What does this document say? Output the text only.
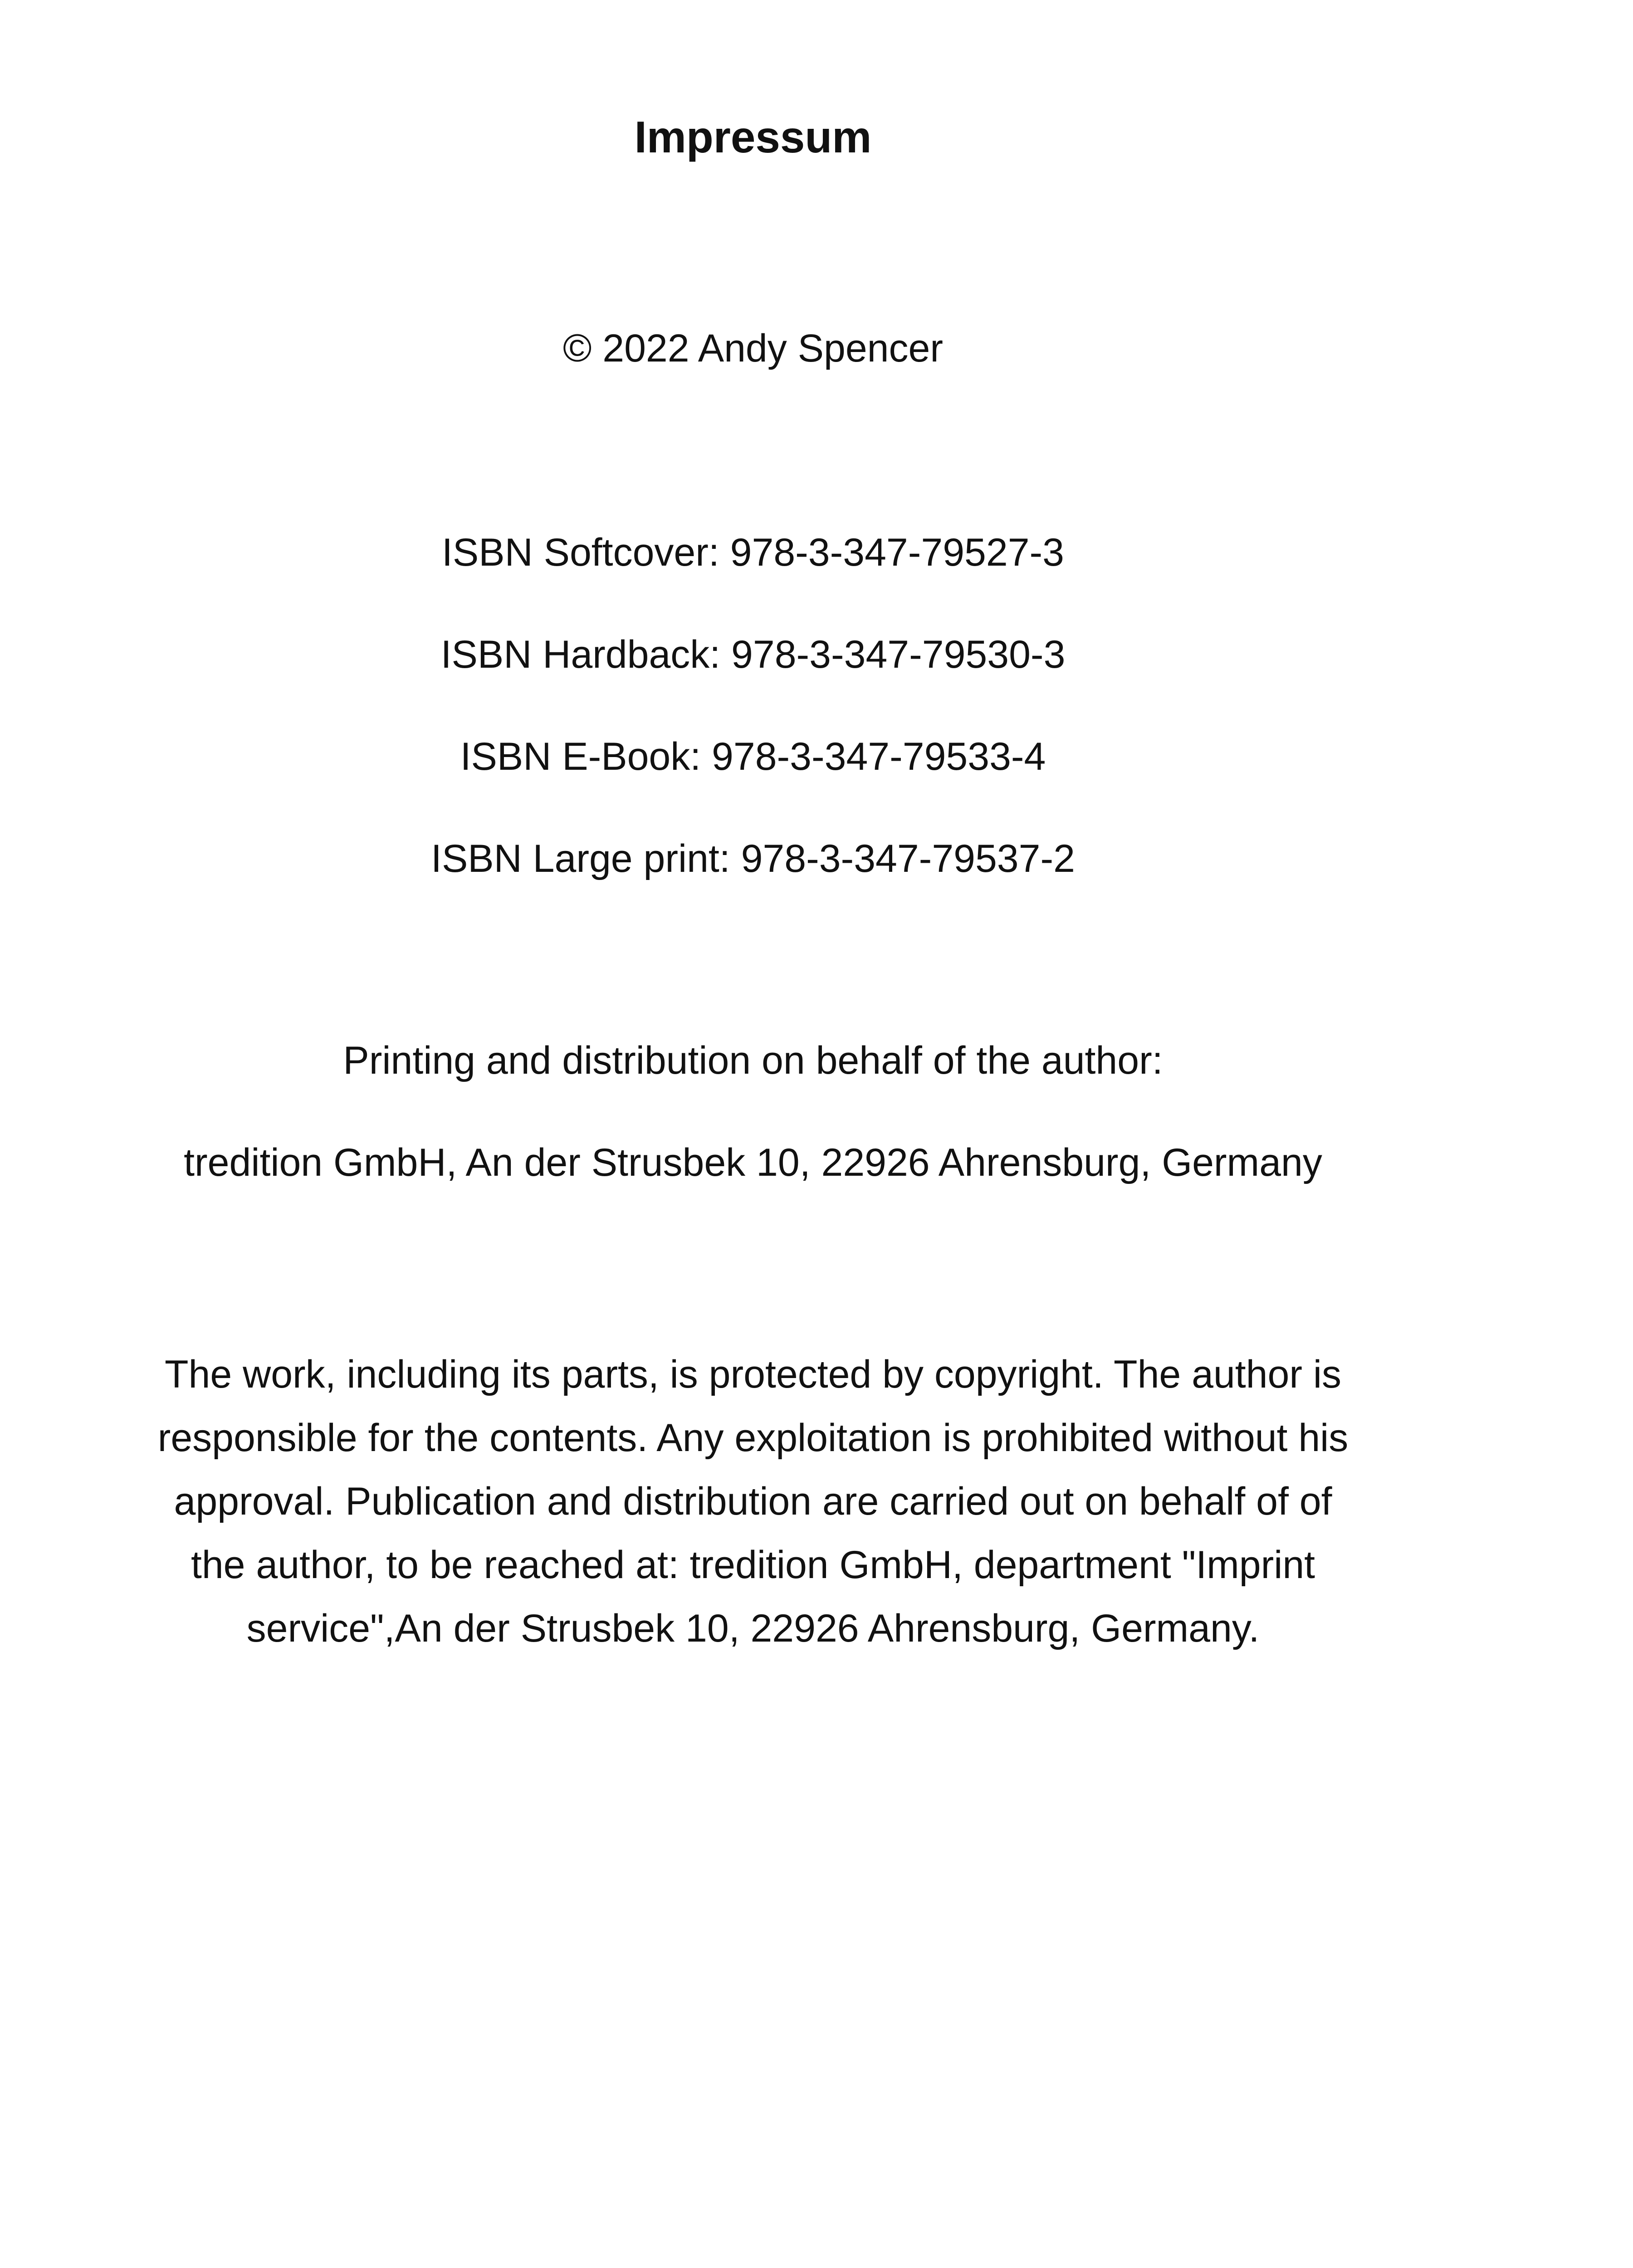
Impressum
© 2022 Andy Spencer
ISBN Softcover: 978-3-347-79527-3
ISBN Hardback: 978-3-347-79530-3
ISBN E-Book: 978-3-347-79533-4
ISBN Large print: 978-3-347-79537-2
Printing and distribution on behalf of the author:
tredition GmbH, An der Strusbek 10, 22926 Ahrensburg, Germany
The work, including its parts, is protected by copyright. The author is
responsible for the contents. Any exploitation is prohibited without his
approval. Publication and distribution are carried out on behalf of of
the author, to be reached at: tredition GmbH, department "Imprint
service",An der Strusbek 10, 22926 Ahrensburg, Germany.
